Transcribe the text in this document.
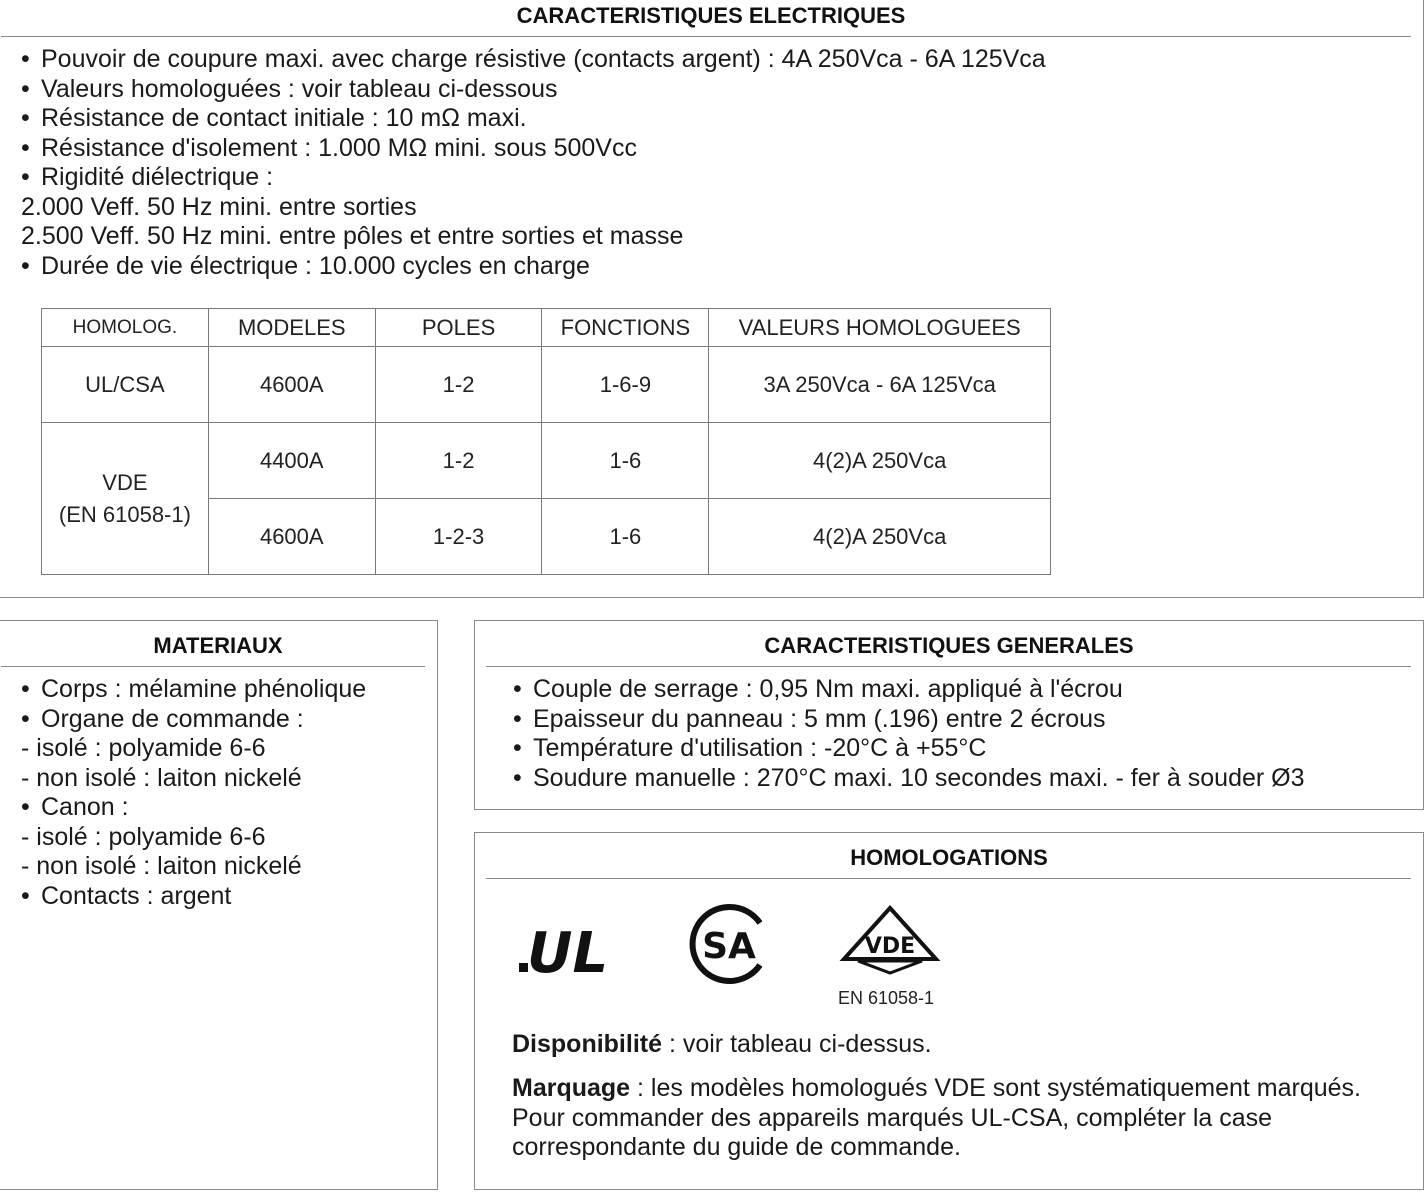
CARACTERISTIQUES ELECTRIQUES
• Pouvoir de coupure maxi. avec charge résistive (contacts argent) : 4A 250Vca - 6A 125Vca
• Valeurs homologuées : voir tableau ci-dessous
• Résistance de contact initiale : 10 mΩ maxi.
• Résistance d'isolement : 1.000 MΩ mini. sous 500Vcc
• Rigidité diélectrique :
2.000 Veff. 50 Hz mini. entre sorties
2.500 Veff. 50 Hz mini. entre pôles et entre sorties et masse
• Durée de vie électrique : 10.000 cycles en charge
HOMOLOG.	MODELES	POLES	FONCTIONS	VALEURS HOMOLOGUEES
UL/CSA	4600A	1-2	1-6-9	3A 250Vca - 6A 125Vca

VDE
(EN 61058-1)	4400A	1-2	1-6	4(2)A 250Vca
	4600A	1-2-3	1-6	4(2)A 250Vca
MATERIAUX
• Corps : mélamine phénolique
• Organe de commande :
- isolé : polyamide 6-6
- non isolé : laiton nickelé
• Canon :
- isolé : polyamide 6-6
- non isolé : laiton nickelé
• Contacts : argent
CARACTERISTIQUES GENERALES
• Couple de serrage : 0,95 Nm maxi. appliqué à l'écrou
• Epaisseur du panneau : 5 mm (.196) entre 2 écrous
• Température d'utilisation : -20°C à +55°C
• Soudure manuelle : 270°C maxi. 10 secondes maxi. - fer à souder Ø3
HOMOLOGATIONS
UL	SA	VDE
EN 61058-1
Disponibilité : voir tableau ci-dessus.
Marquage : les modèles homologués VDE sont systématiquement marqués.
Pour commander des appareils marqués UL-CSA, compléter la case
correspondante du guide de commande.
